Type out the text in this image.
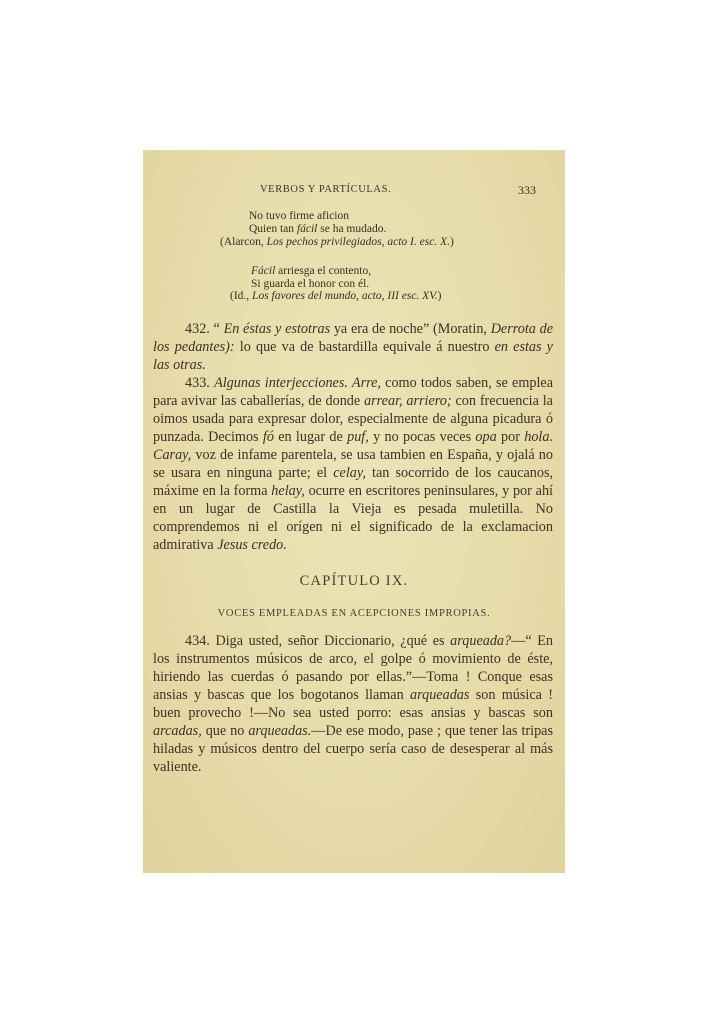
VERBOS Y PARTÍCULAS.	333
No tuvo firme aficion
Quien tan fácil se ha mudado.
(Alarcon, Los pechos privilegiados, acto I. esc. X.)
Fácil arriesga el contento,
Si guarda el honor con él.
(Id., Los favores del mundo, acto, III esc. XV.)

432. “ En éstas y estotras ya era de noche” (Moratin, Derrota de los pedantes): lo que va de bastardilla equivale á nuestro en estas y las otras.

433. Algunas interjecciones. Arre, como todos saben, se emplea para avivar las caballerías, de donde arrear, arriero; con frecuencia la oimos usada para expresar dolor, especialmente de alguna picadura ó punzada. Decimos fó en lugar de puf, y no pocas veces opa por hola. Caray, voz de infame parentela, se usa tambien en España, y ojalá no se usara en ninguna parte; el celay, tan socorrido de los caucanos, máxime en la forma helay, ocurre en escritores peninsulares, y por ahí en un lugar de Castilla la Vieja es pesada muletilla. No comprendemos ni el orígen ni el significado de la exclamacion admirativa Jesus credo.

CAPÍTULO IX.
VOCES EMPLEADAS EN ACEPCIONES IMPROPIAS.

434. Diga usted, señor Diccionario, ¿qué es arqueada?—“ En los instrumentos músicos de arco, el golpe ó movimiento de éste, hiriendo las cuerdas ó pasando por ellas.”—Toma ! Conque esas ansias y bascas que los bogotanos llaman arqueadas son música ! buen provecho !—No sea usted porro: esas ansias y bascas son arcadas, que no arqueadas.—De ese modo, pase ; que tener las tripas hiladas y músicos dentro del cuerpo sería caso de desesperar al más valiente.
